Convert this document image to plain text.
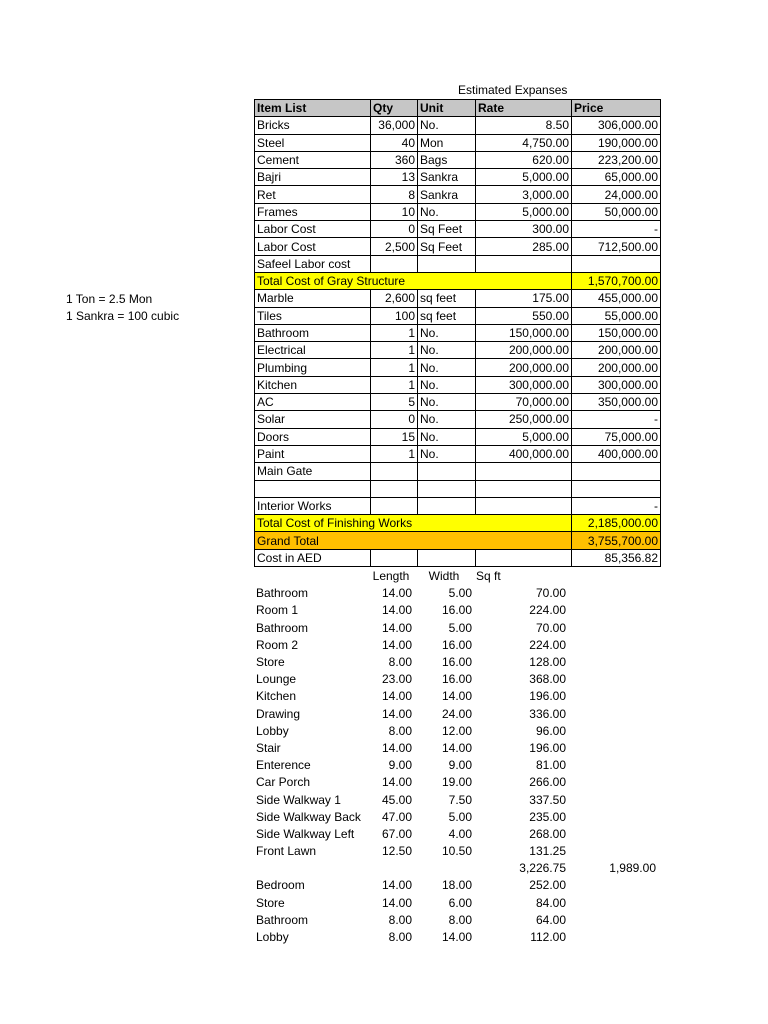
Estimated Expanses
1 Ton = 2.5 Mon
1 Sankra = 100 cubic
Item List	Qty	Unit	Rate	Price
Bricks	36,000	No.	8.50	306,000.00
Steel	40	Mon	4,750.00	190,000.00
Cement	360	Bags	620.00	223,200.00
Bajri	13	Sankra	5,000.00	65,000.00
Ret	8	Sankra	3,000.00	24,000.00
Frames	10	No.	5,000.00	50,000.00
Labor Cost	0	Sq Feet	300.00	-
Labor Cost	2,500	Sq Feet	285.00	712,500.00
Safeel Labor cost				
Total Cost of Gray Structure				1,570,700.00
Marble	2,600	sq feet	175.00	455,000.00
Tiles	100	sq feet	550.00	55,000.00
Bathroom	1	No.	150,000.00	150,000.00
Electrical	1	No.	200,000.00	200,000.00
Plumbing	1	No.	200,000.00	200,000.00
Kitchen	1	No.	300,000.00	300,000.00
AC	5	No.	70,000.00	350,000.00
Solar	0	No.	250,000.00	-
Doors	15	No.	5,000.00	75,000.00
Paint	1	No.	400,000.00	400,000.00
Main Gate				

Interior Works				-
Total Cost of Finishing Works				2,185,000.00
Grand Total				3,755,700.00
Cost in AED				85,356.82
	Length	Width	Sq ft	
Bathroom	14.00	5.00	70.00	
Room 1	14.00	16.00	224.00	
Bathroom	14.00	5.00	70.00	
Room 2	14.00	16.00	224.00	
Store	8.00	16.00	128.00	
Lounge	23.00	16.00	368.00	
Kitchen	14.00	14.00	196.00	
Drawing	14.00	24.00	336.00	
Lobby	8.00	12.00	96.00	
Stair	14.00	14.00	196.00	
Enterence	9.00	9.00	81.00	
Car Porch	14.00	19.00	266.00	
Side Walkway 1	45.00	7.50	337.50	
Side Walkway Back	47.00	5.00	235.00	
Side Walkway Left	67.00	4.00	268.00	
Front Lawn	12.50	10.50	131.25	
			3,226.75	1,989.00
Bedroom	14.00	18.00	252.00	
Store	14.00	6.00	84.00	
Bathroom	8.00	8.00	64.00	
Lobby	8.00	14.00	112.00	
